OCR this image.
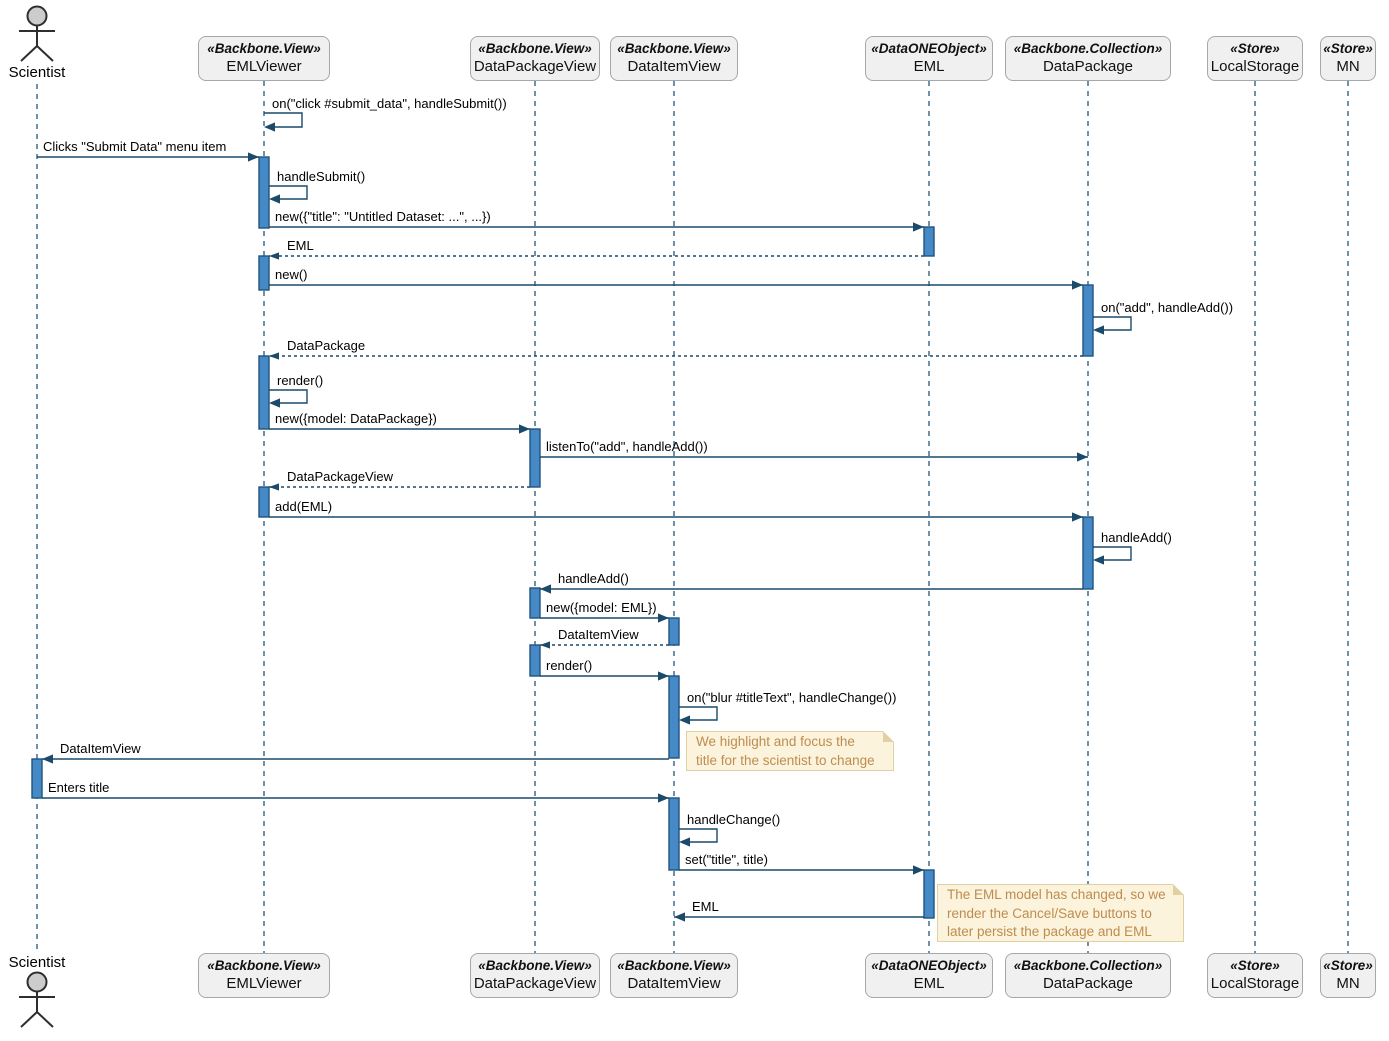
on("click #submit_data", handleSubmit())
Clicks "Submit Data" menu item
handleSubmit()
new({"title": "Untitled Dataset: ...", ...})
EML
new()
on("add", handleAdd())
DataPackage
render()
new({model: DataPackage})
listenTo("add", handleAdd())
DataPackageView
add(EML)
handleAdd()
handleAdd()
new({model: EML})
DataItemView
render()
on("blur #titleText", handleChange())
DataItemView
Enters title
handleChange()
set("title", title)
EML
We highlight and focus the
title for the scientist to change
The EML model has changed, so we
render the Cancel/Save buttons to
later persist the package and EML
«Backbone.View»
EMLViewer
«Backbone.View»
EMLViewer
«Backbone.View»
DataPackageView
«Backbone.View»
DataPackageView
«Backbone.View»
DataItemView
«Backbone.View»
DataItemView
«DataONEObject»
EML
«DataONEObject»
EML
«Backbone.Collection»
DataPackage
«Backbone.Collection»
DataPackage
«Store»
LocalStorage
«Store»
LocalStorage
«Store»
MN
«Store»
MN
Scientist
Scientist
